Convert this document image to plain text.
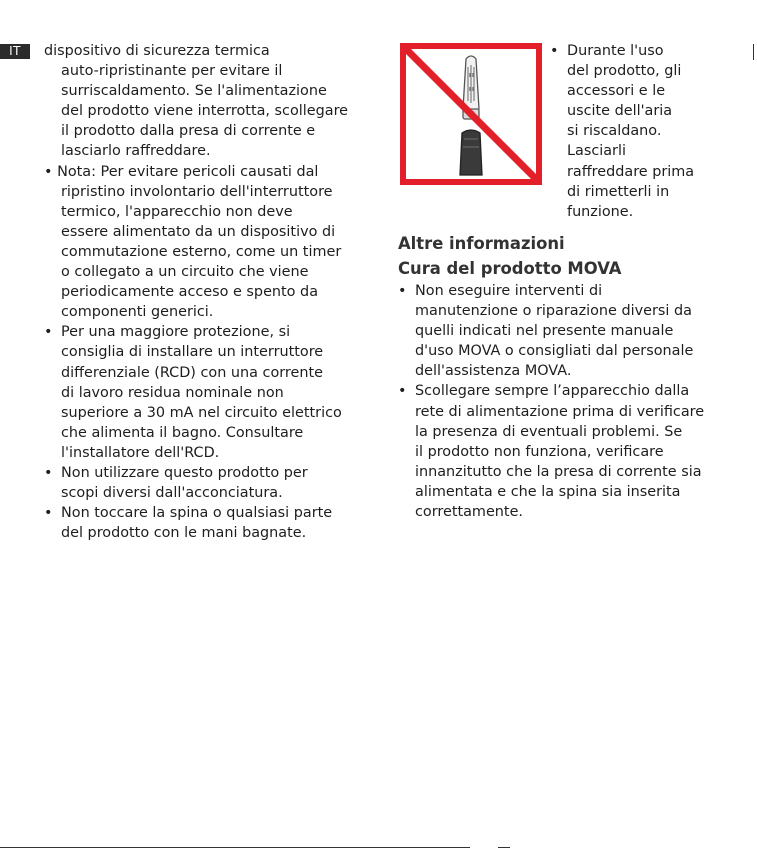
IT	dispositivo di sicurezza termica
auto-ripristinante per evitare il
surriscaldamento. Se l'alimentazione
del prodotto viene interrotta, scollegare
il prodotto dalla presa di corrente e
lasciarlo raffreddare.
• Nota: Per evitare pericoli causati dal
ripristino involontario dell'interruttore
termico, l'apparecchio non deve
essere alimentato da un dispositivo di
commutazione esterno, come un timer
o collegato a un circuito che viene
periodicamente acceso e spento da
componenti generici.
• Per una maggiore protezione, si
consiglia di installare un interruttore
differenziale (RCD) con una corrente
di lavoro residua nominale non
superiore a 30 mA nel circuito elettrico
che alimenta il bagno. Consultare
l'installatore dell'RCD.
• Non utilizzare questo prodotto per
scopi diversi dall'acconciatura.
• Non toccare la spina o qualsiasi parte
del prodotto con le mani bagnate.
• Durante l'uso
del prodotto, gli
accessori e le
uscite dell'aria
si riscaldano.
Lasciarli
raffreddare prima
di rimetterli in
funzione.
Altre informazioni
Cura del prodotto MOVA
• Non eseguire interventi di
manutenzione o riparazione diversi da
quelli indicati nel presente manuale
d'uso MOVA o consigliati dal personale
dell'assistenza MOVA.
• Scollegare sempre l’apparecchio dalla
rete di alimentazione prima di verificare
la presenza di eventuali problemi. Se
il prodotto non funziona, verificare
innanzitutto che la presa di corrente sia
alimentata e che la spina sia inserita
correttamente.
